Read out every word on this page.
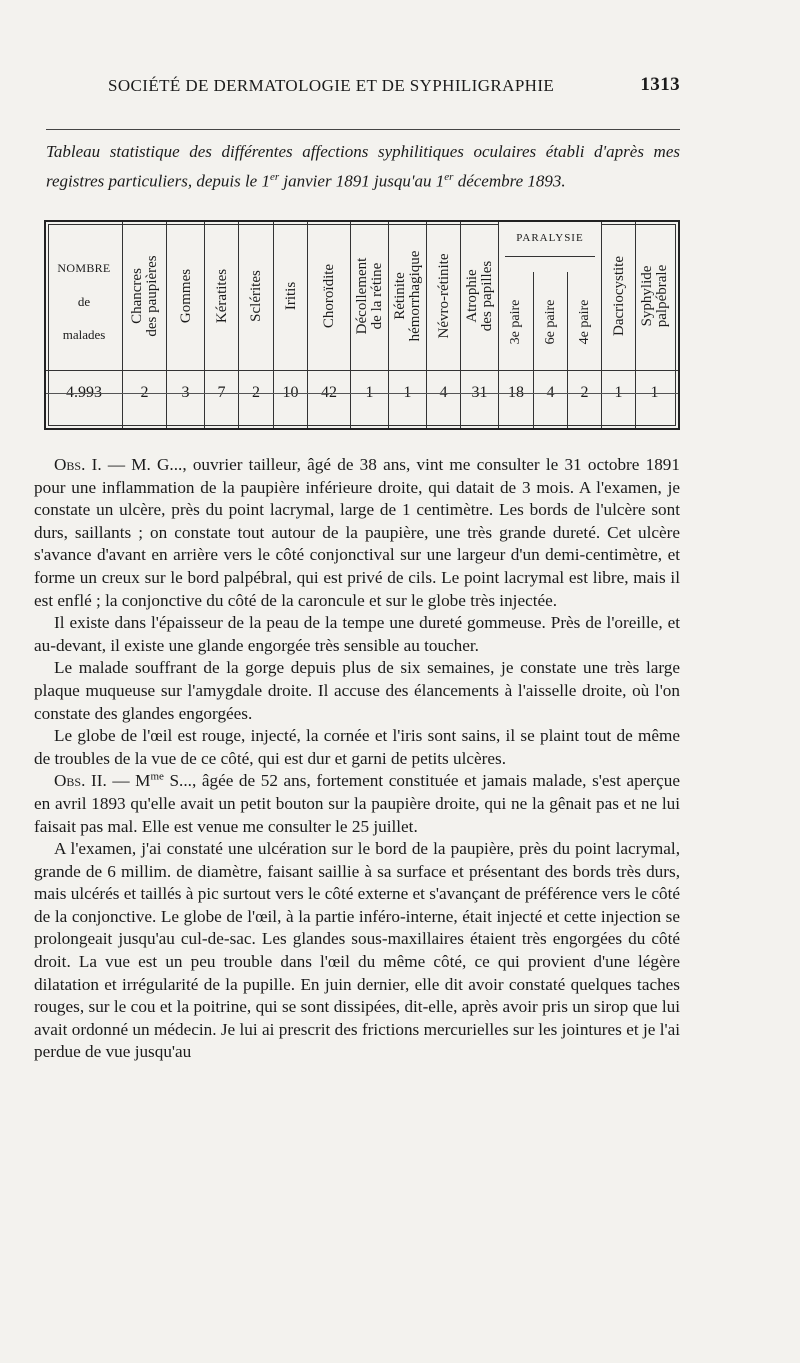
SOCIÉTÉ DE DERMATOLOGIE ET DE SYPHILIGRAPHIE	1313
Tableau statistique des différentes affections syphilitiques oculaires établi d'après mes registres particuliers, depuis le 1er janvier 1891 jusqu'au 1er décembre 1893.
NOMBRE
de
malades
4.993
Chancres
des paupières
2
Gommes
3
Kératites
7
Sclérites
2
Iritis
10
Choroïdite
42
Décollement
de la rétine
1
Rétinite
hémorrhagique
1
Névro-rétinite
4
Atrophie
des papilles
31
3e paire
18
6e paire
4
4e paire
2
Dacriocystite
1
Syphylide
palpébrale
1
PARALYSIE

Obs. I. — M. G..., ouvrier tailleur, âgé de 38 ans, vint me consulter le 31 octobre 1891 pour une inflammation de la paupière inférieure droite, qui datait de 3 mois. A l'examen, je constate un ulcère, près du point lacrymal, large de 1 centimètre. Les bords de l'ulcère sont durs, saillants ; on constate tout autour de la paupière, une très grande dureté. Cet ulcère s'avance d'avant en arrière vers le côté conjonctival sur une largeur d'un demi-centimètre, et forme un creux sur le bord palpébral, qui est privé de cils. Le point lacrymal est libre, mais il est enflé ; la conjonctive du côté de la caroncule et sur le globe très injectée.

Il existe dans l'épaisseur de la peau de la tempe une dureté gommeuse. Près de l'oreille, et au-devant, il existe une glande engorgée très sensible au toucher.

Le malade souffrant de la gorge depuis plus de six semaines, je constate une très large plaque muqueuse sur l'amygdale droite. Il accuse des élancements à l'aisselle droite, où l'on constate des glandes engorgées.

Le globe de l'œil est rouge, injecté, la cornée et l'iris sont sains, il se plaint tout de même de troubles de la vue de ce côté, qui est dur et garni de petits ulcères.

Obs. II. — $M^{me}$ S..., âgée de 52 ans, fortement constituée et jamais malade, s'est aperçue en avril 1893 qu'elle avait un petit bouton sur la paupière droite, qui ne la gênait pas et ne lui faisait pas mal. Elle est venue me consulter le 25 juillet.

A l'examen, j'ai constaté une ulcération sur le bord de la paupière, près du point lacrymal, grande de 6 millim. de diamètre, faisant saillie à sa surface et présentant des bords très durs, mais ulcérés et taillés à pic surtout vers le côté externe et s'avançant de préférence vers le côté de la conjonctive. Le globe de l'œil, à la partie inféro-interne, était injecté et cette injection se prolongeait jusqu'au cul-de-sac. Les glandes sous-maxillaires étaient très engorgées du côté droit. La vue est un peu trouble dans l'œil du même côté, ce qui provient d'une légère dilatation et irrégularité de la pupille. En juin dernier, elle dit avoir constaté quelques taches rouges, sur le cou et la poitrine, qui se sont dissipées, dit-elle, après avoir pris un sirop que lui avait ordonné un médecin. Je lui ai prescrit des frictions mercurielles sur les jointures et je l'ai perdue de vue jusqu'au
